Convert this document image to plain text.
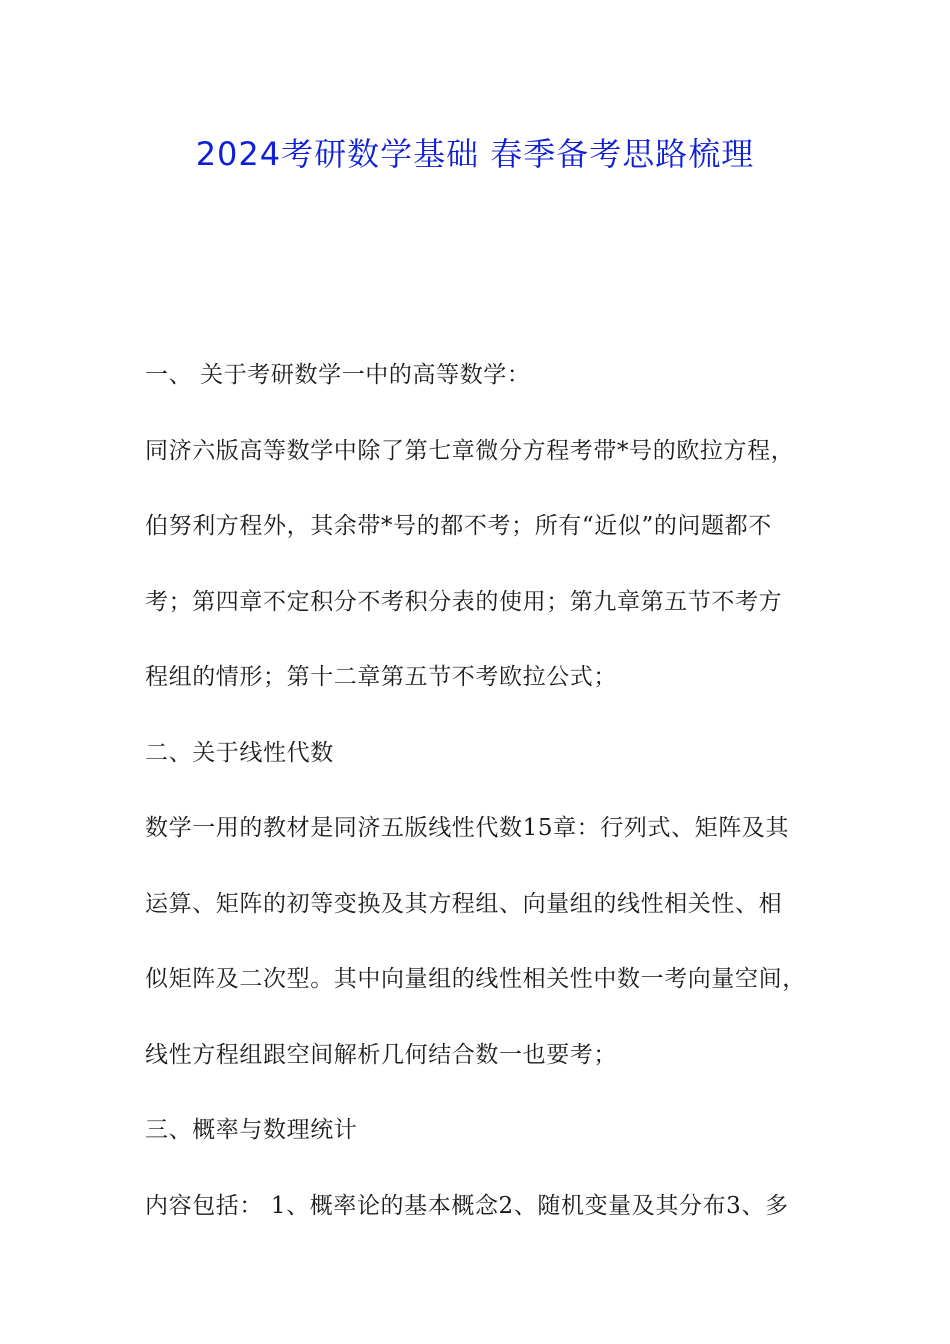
2024考研数学基础 春季备考思路梳理
一、 关于考研数学一中的高等数学：
同济六版高等数学中除了第七章微分方程考带*号的欧拉方程，
伯努利方程外，其余带*号的都不考；所有“近似”的问题都不
考；第四章不定积分不考积分表的使用；第九章第五节不考方
程组的情形；第十二章第五节不考欧拉公式；
二、关于线性代数
数学一用的教材是同济五版线性代数15章：行列式、矩阵及其
运算、矩阵的初等变换及其方程组、向量组的线性相关性、相
似矩阵及二次型。其中向量组的线性相关性中数一考向量空间，
线性方程组跟空间解析几何结合数一也要考；
三、概率与数理统计
内容包括： 1、概率论的基本概念2、随机变量及其分布3、多
